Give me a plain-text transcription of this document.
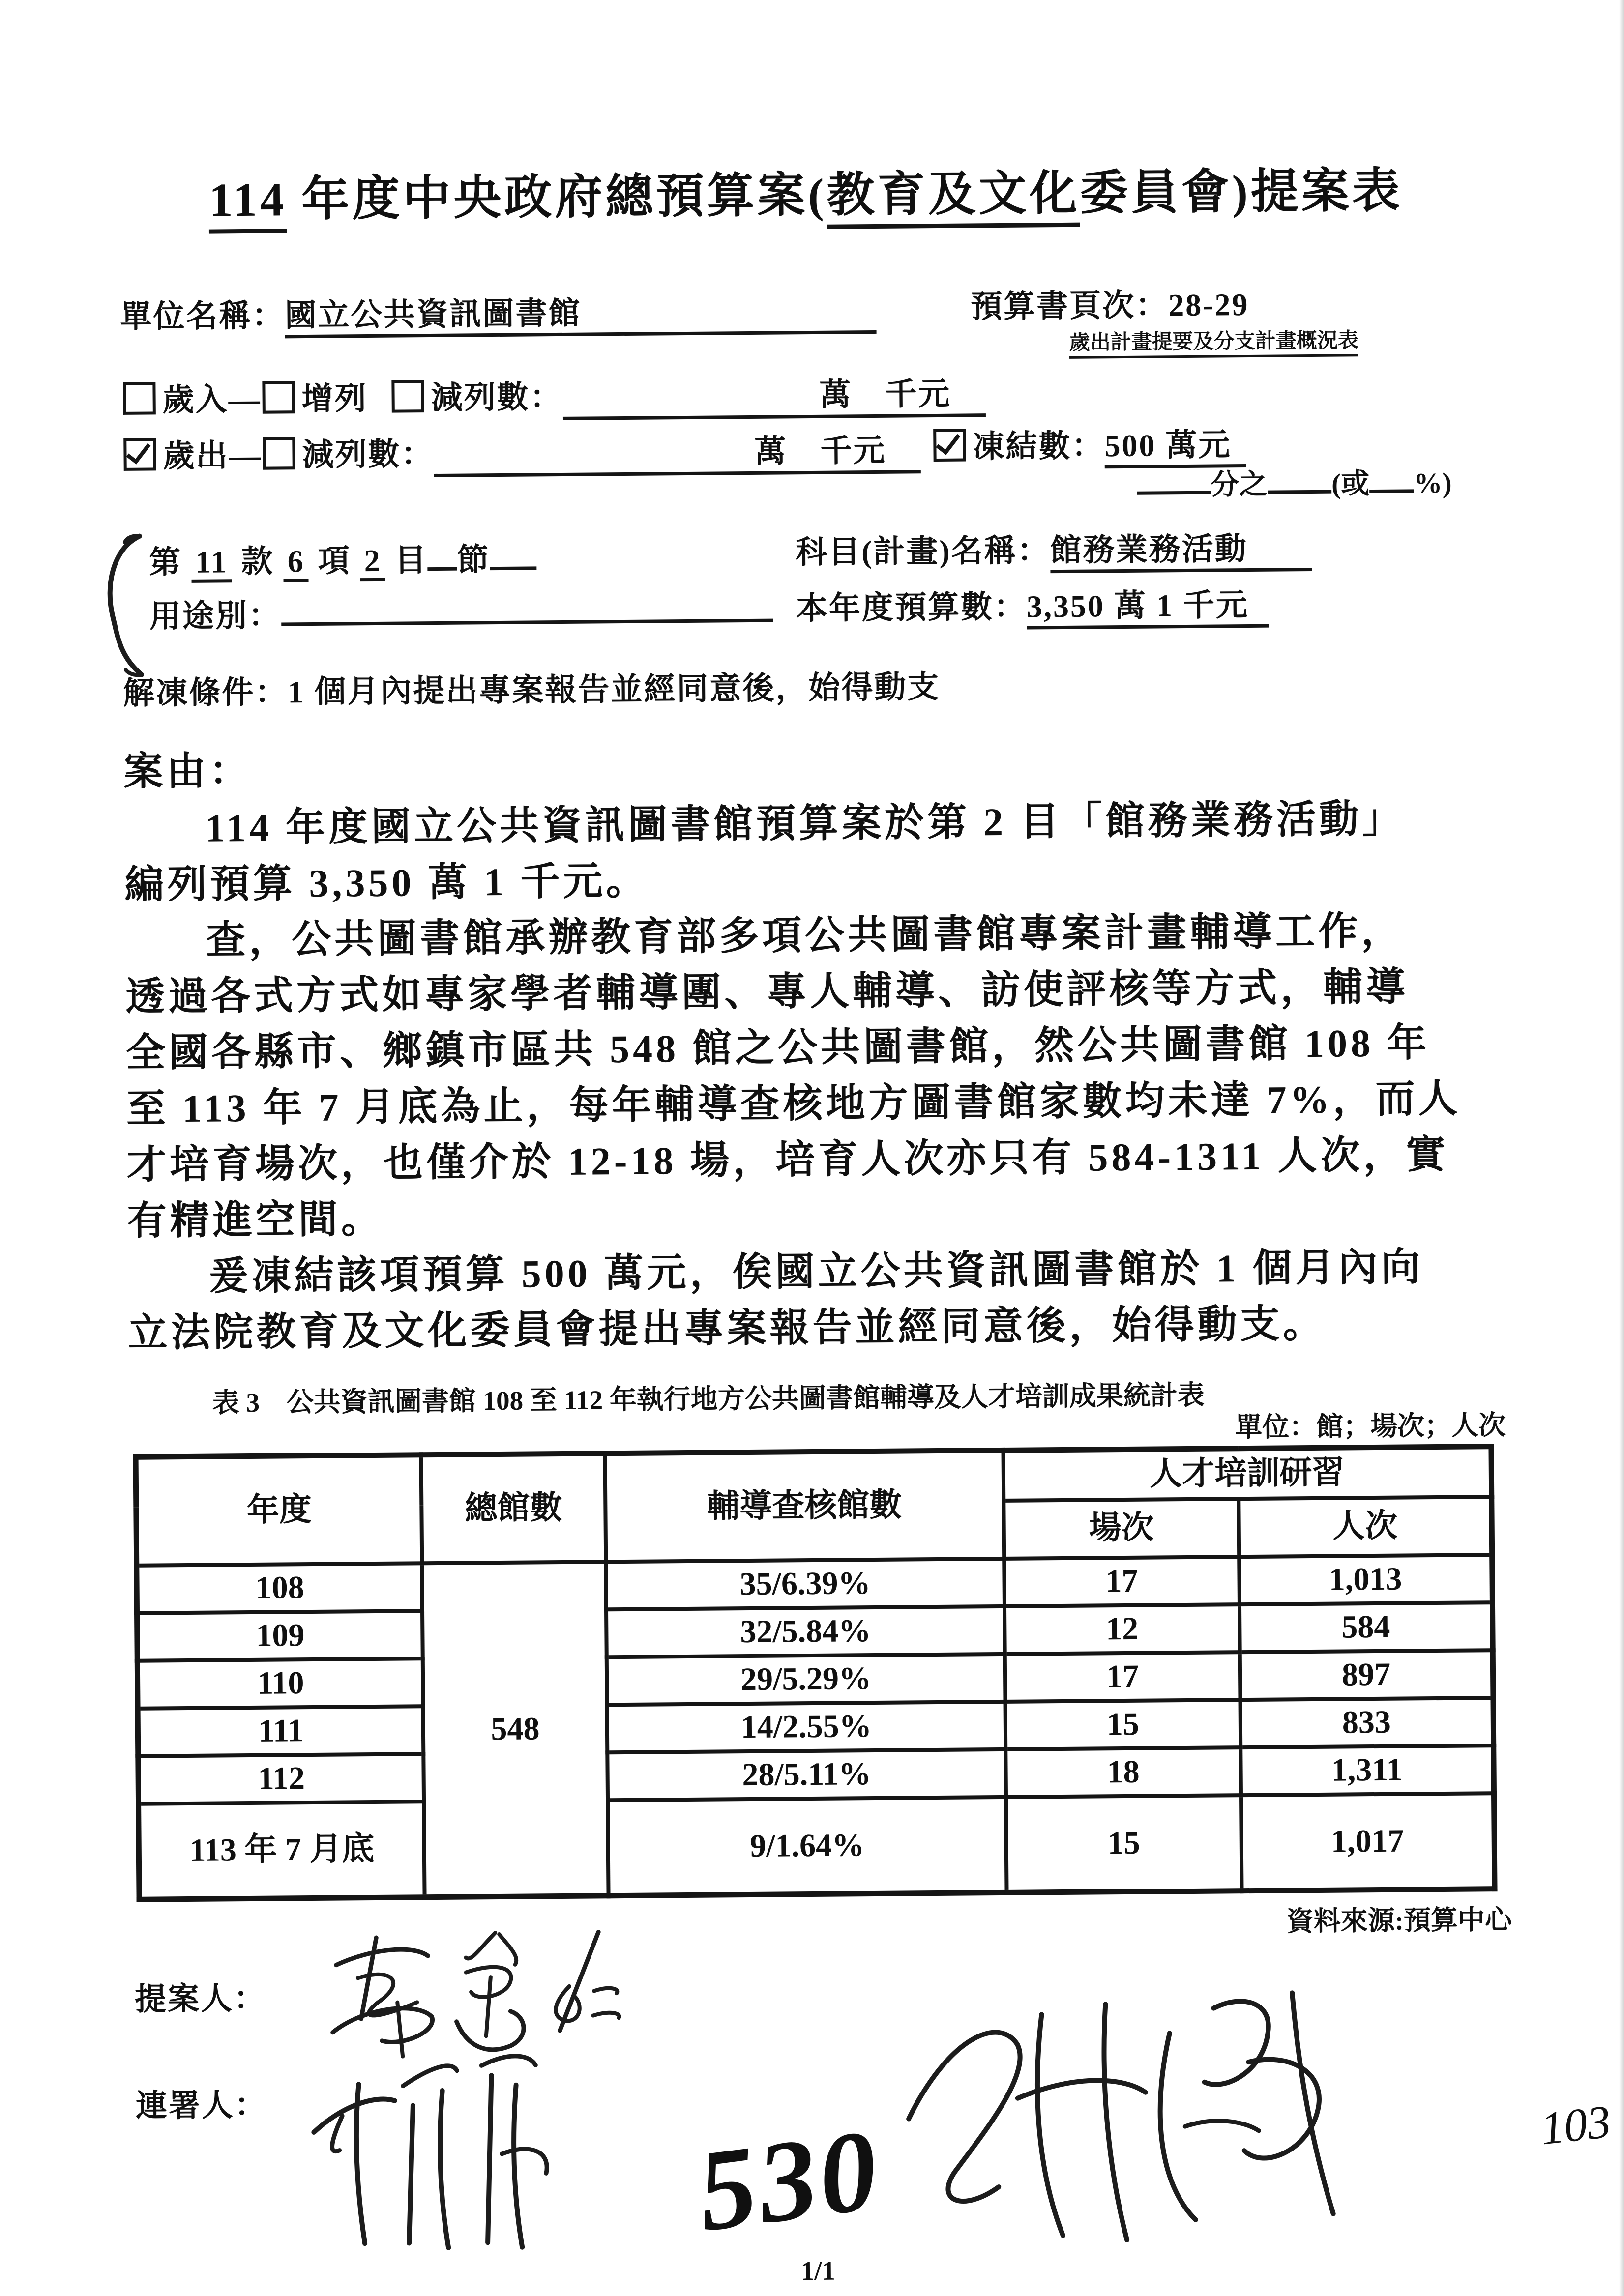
114 年度中央政府總預算案(教育及文化委員會)提案表
單位名稱：國立公共資訊圖書館	預算書頁次：28-29
歲出計畫提要及分支計畫概況表
歲入— 增列 減列數：	萬　千元
歲出— 減列數：	萬　千元	凍結數：500 萬元
分之 (或 %)
第 11 款 6 項 2 目 節	科目(計畫)名稱：館務業務活動
用途別：	本年度預算數：3,350 萬 1 千元
解凍條件：1 個月內提出專案報告並經同意後，始得動支
案由：
114 年度國立公共資訊圖書館預算案於第 2 目「館務業務活動」
編列預算 3,350 萬 1 千元。
查，公共圖書館承辦教育部多項公共圖書館專案計畫輔導工作，
透過各式方式如專家學者輔導團、專人輔導、訪使評核等方式，輔導
全國各縣市、鄉鎮市區共 548 館之公共圖書館，然公共圖書館 108 年
至 113 年 7 月底為止，每年輔導查核地方圖書館家數均未達 7%，而人
才培育場次，也僅介於 12-18 場，培育人次亦只有 584-1311 人次，實
有精進空間。
爰凍結該項預算 500 萬元，俟國立公共資訊圖書館於 1 個月內向
立法院教育及文化委員會提出專案報告並經同意後，始得動支。
表 3　公共資訊圖書館 108 至 112 年執行地方公共圖書館輔導及人才培訓成果統計表
單位：館；場次；人次
年度	總館數	輔導查核館數	人才培訓研習	
			場次	人次
108	548	35/6.39%	17	1,013
109		32/5.84%	12	584
110		29/5.29%	17	897
111		14/2.55%	15	833
112		28/5.11%	18	1,311
113 年 7 月底		9/1.64%	15	1,017
資料來源:預算中心
提案人：
連署人：	530
1/1
103
